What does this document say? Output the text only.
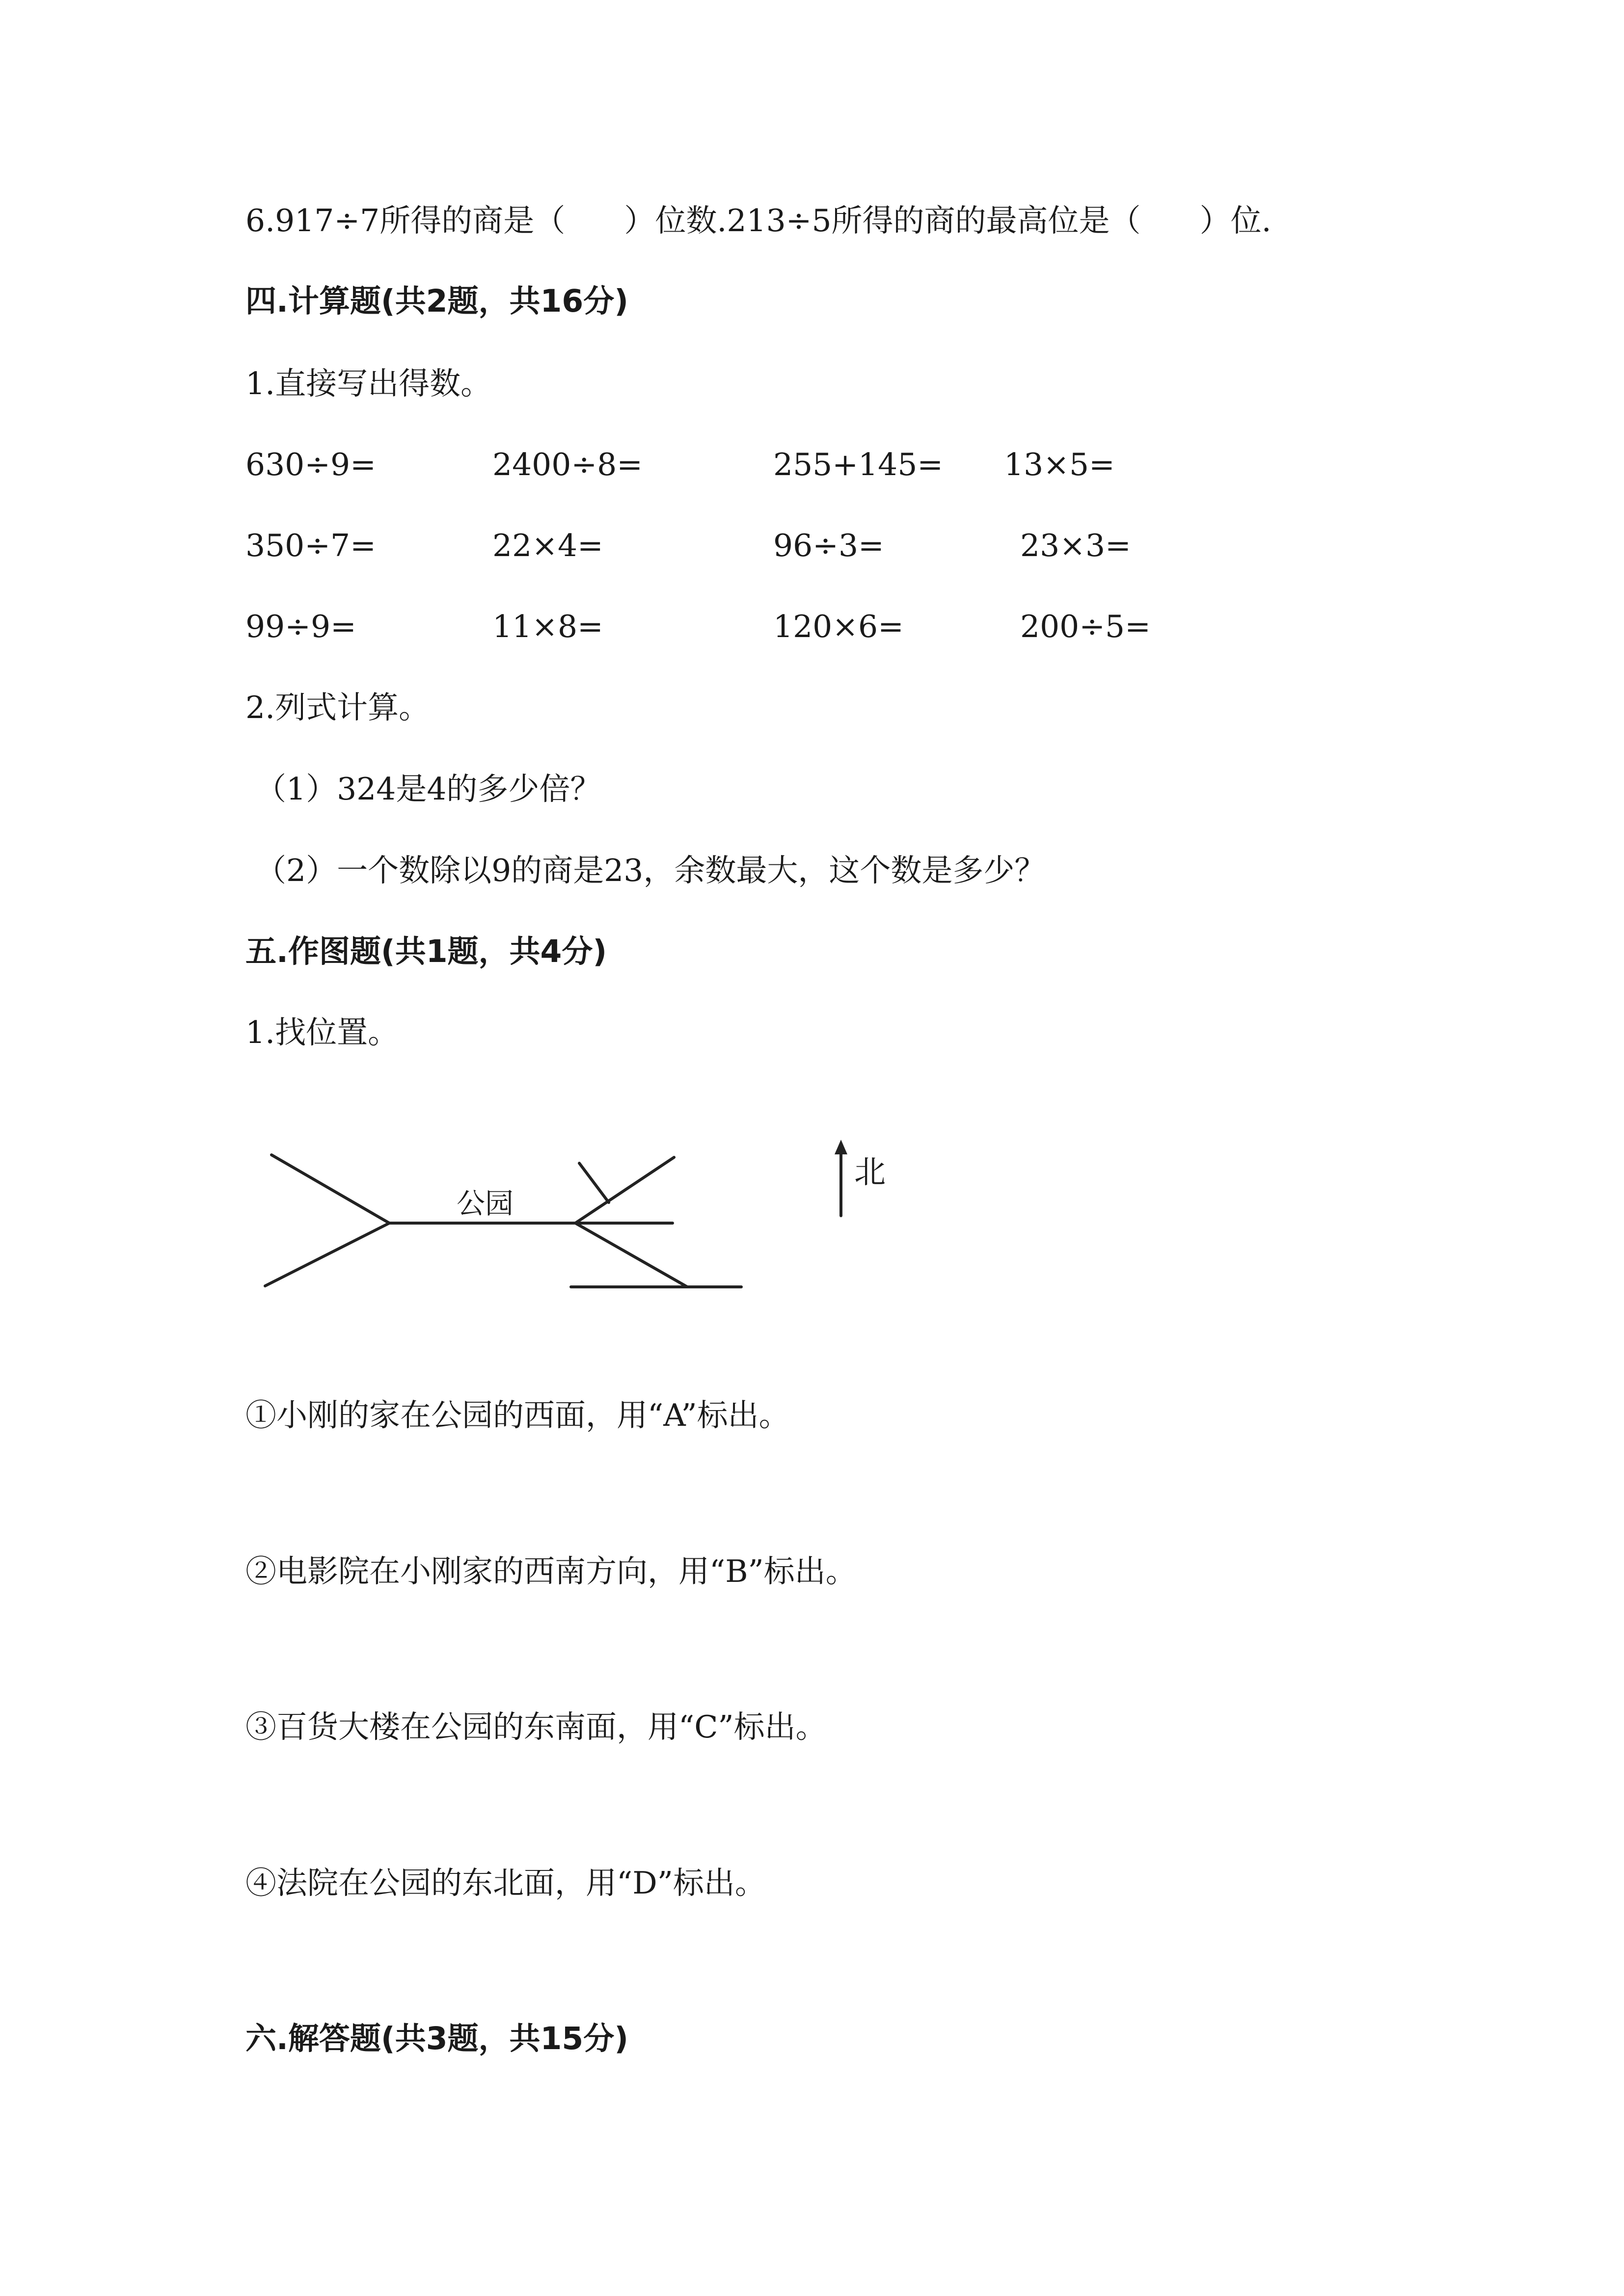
6.917÷7所得的商是（      ）位数.213÷5所得的商的最高位是（      ）位.
四.计算题(共2题，共16分)
1.直接写出得数。
630÷9=	2400÷8=	255+145= 13×5=
350÷7=	22×4=	96÷3=	23×3=
99÷9=	11×8=	120×6=	200÷5=
2.列式计算。
（1）324是4的多少倍？
（2）一个数除以9的商是23，余数最大，这个数是多少？
五.作图题(共1题，共4分)
1.找位置。
公园
北
①小刚的家在公园的西面，用“A”标出。
②电影院在小刚家的西南方向，用“B”标出。
③百货大楼在公园的东南面，用“C”标出。
④法院在公园的东北面，用“D”标出。
六.解答题(共3题，共15分)
